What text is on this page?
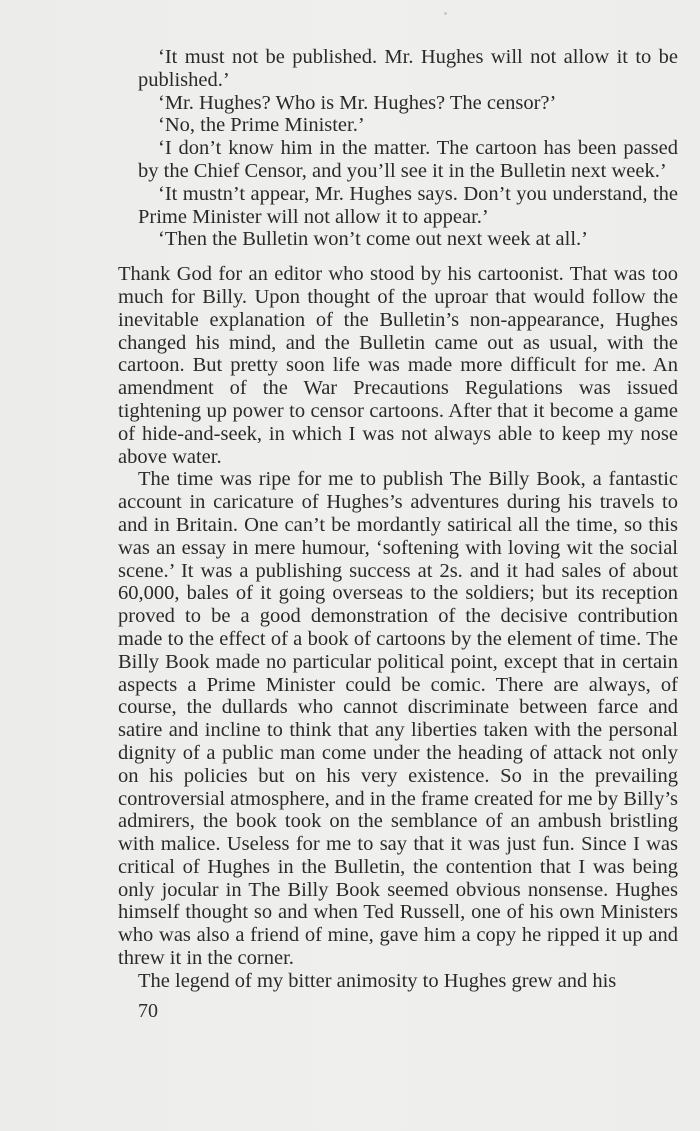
‘It must not be published. Mr. Hughes will not allow it to be published.’

‘Mr. Hughes? Who is Mr. Hughes? The censor?’

‘No, the Prime Minister.’

‘I don’t know him in the matter. The cartoon has been passed by the Chief Censor, and you’ll see it in the Bulletin next week.’

‘It mustn’t appear, Mr. Hughes says. Don’t you understand, the Prime Minister will not allow it to appear.’

‘Then the Bulletin won’t come out next week at all.’

Thank God for an editor who stood by his cartoonist. That was too much for Billy. Upon thought of the uproar that would follow the inevitable explanation of the Bulletin’s non-appearance, Hughes changed his mind, and the Bulletin came out as usual, with the cartoon. But pretty soon life was made more difficult for me. An amendment of the War Precautions Regulations was issued tightening up power to censor cartoons. After that it become a game of hide-and-seek, in which I was not always able to keep my nose above water.

The time was ripe for me to publish The Billy Book, a fantastic account in caricature of Hughes’s adventures during his travels to and in Britain. One can’t be mordantly satirical all the time, so this was an essay in mere humour, ‘softening with loving wit the social scene.’ It was a publishing success at 2s. and it had sales of about 60,000, bales of it going overseas to the soldiers; but its reception proved to be a good demonstration of the decisive contribution made to the effect of a book of cartoons by the element of time. The Billy Book made no particular political point, except that in certain aspects a Prime Minister could be comic. There are always, of course, the dullards who cannot discriminate between farce and satire and incline to think that any liberties taken with the personal dignity of a public man come under the heading of attack not only on his policies but on his very existence. So in the prevailing controversial atmosphere, and in the frame created for me by Billy’s admirers, the book took on the semblance of an ambush bristling with malice. Useless for me to say that it was just fun. Since I was critical of Hughes in the Bulletin, the contention that I was being only jocular in The Billy Book seemed obvious nonsense. Hughes himself thought so and when Ted Russell, one of his own Ministers who was also a friend of mine, gave him a copy he ripped it up and threw it in the corner.

The legend of my bitter animosity to Hughes grew and his

70
